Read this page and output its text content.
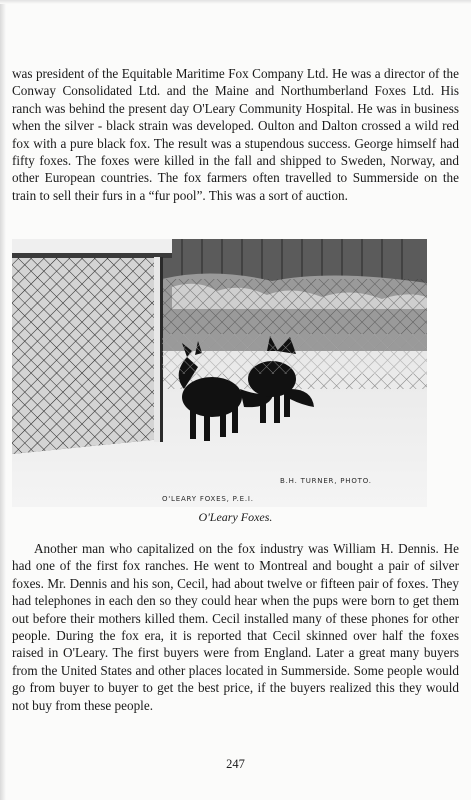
was president of the Equitable Maritime Fox Company Ltd. He was a director of the Conway Consolidated Ltd. and the Maine and Northumberland Foxes Ltd. His ranch was behind the present day O'Leary Community Hospital. He was in business when the silver - black strain was developed. Oulton and Dalton crossed a wild red fox with a pure black fox. The result was a stupendous success. George himself had fifty foxes. The foxes were killed in the fall and shipped to Sweden, Norway, and other European countries. The fox farmers often travelled to Summerside on the train to sell their furs in a “fur pool”. This was a sort of auction.

B.H. TURNER, PHOTO.
O'LEARY FOXES, P.E.I.
O'Leary Foxes.

Another man who capitalized on the fox industry was William H. Dennis. He had one of the first fox ranches. He went to Montreal and bought a pair of silver foxes. Mr. Dennis and his son, Cecil, had about twelve or fifteen pair of foxes. They had telephones in each den so they could hear when the pups were born to get them out before their mothers killed them. Cecil installed many of these phones for other people. During the fox era, it is reported that Cecil skinned over half the foxes raised in O'Leary. The first buyers were from England. Later a great many buyers from the United States and other places located in Summerside. Some people would go from buyer to buyer to get the best price, if the buyers realized this they would not buy from these people.

247
